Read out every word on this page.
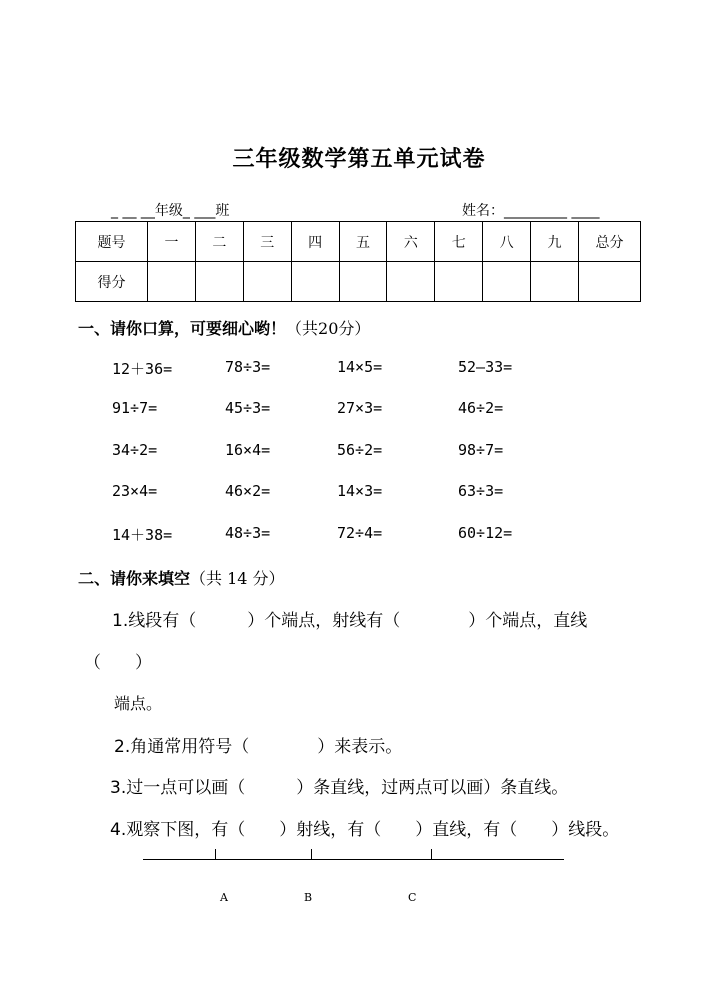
三年级数学第五单元试卷
_ __ __年级_ ___班	姓名：_________ ____
题号	一	二	三	四	五	六	七	八	九	总分
得分										
一、请你口算，可要细心哟！（共20分）
12＋36=	78÷3=	14×5=	52—33=
91÷7=	45÷3=	27×3=	46÷2=
34÷2=	16×4=	56÷2=	98÷7=
23×4=	46×2=	14×3=	63÷3=
14＋38=	48÷3=	72÷4=	60÷12=
二、请你来填空（共 14 分）
1.线段有（　　　）个端点，射线有（　　　　）个端点，直线
（　　）
端点。
2.角通常用符号（　　　　）来表示。
3.过一点可以画（　　　）条直线，过两点可以画）条直线。
4.观察下图，有（　　）射线，有（　　）直线，有（　　）线段。
A	B	C
